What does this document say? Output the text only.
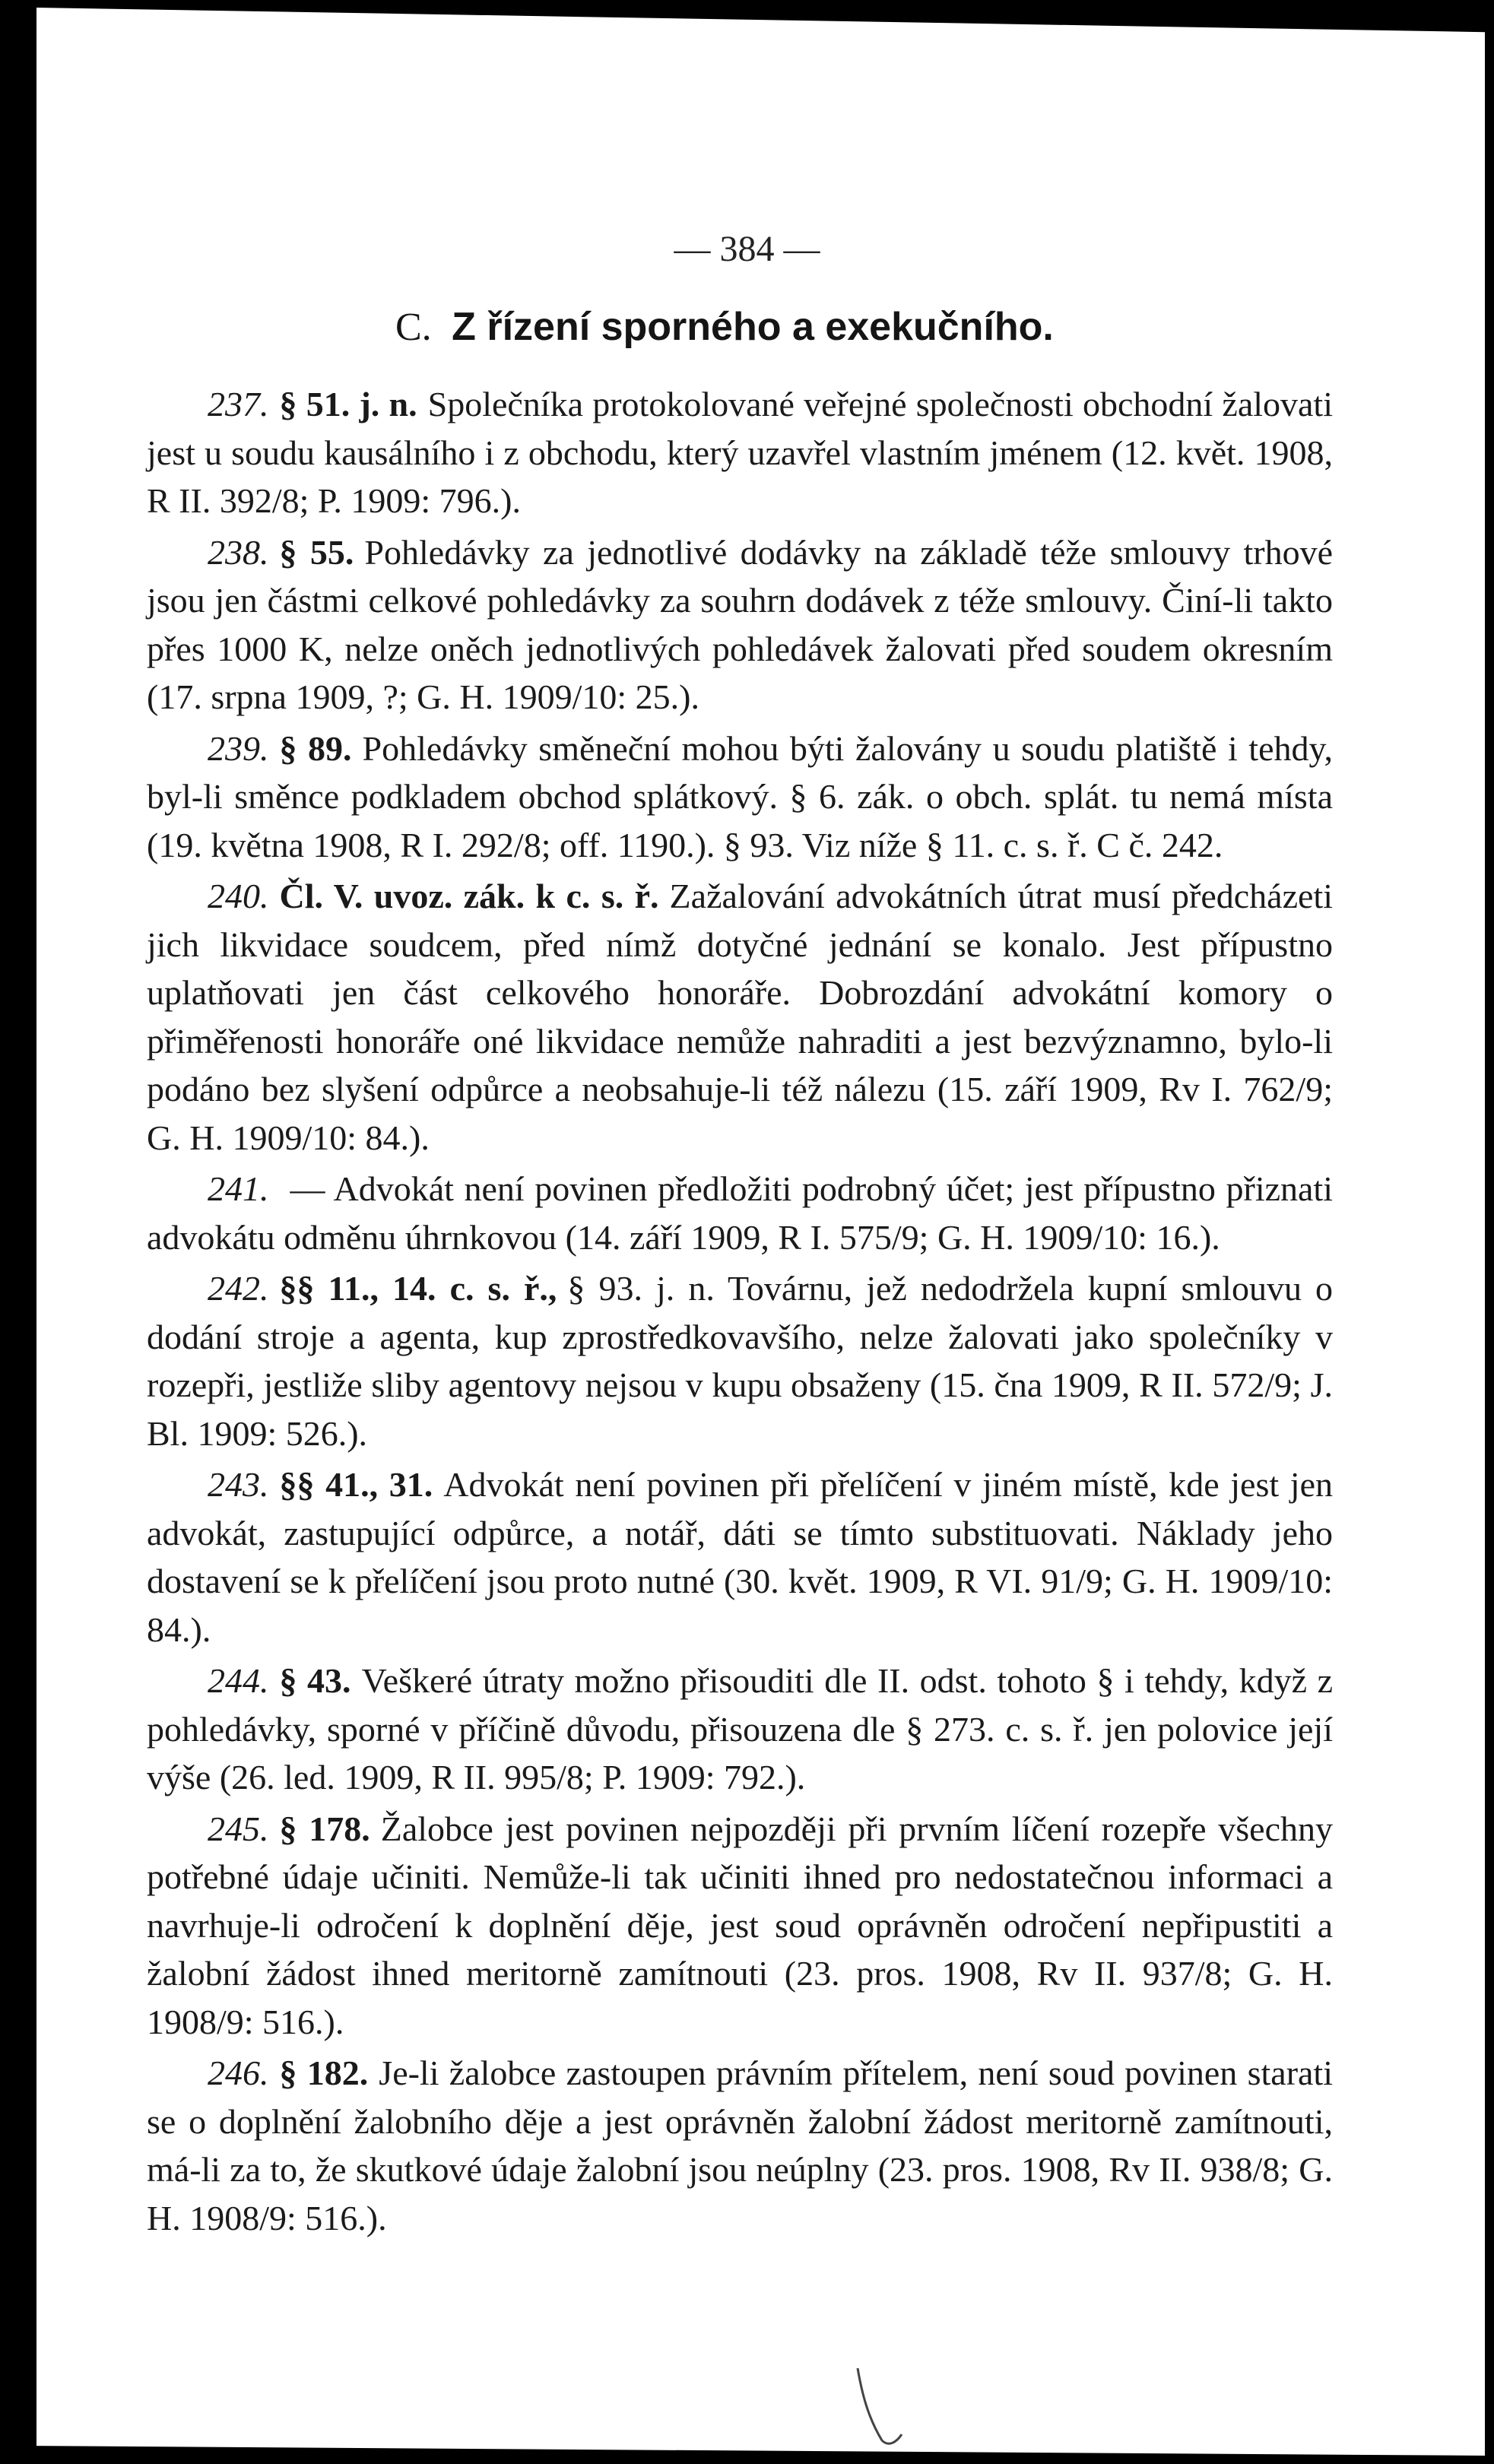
— 384 —
C. Z řízení sporného a exekučního.

237. § 51. j. n. Společníka protokolované veřejné společnosti obchodní žalovati jest u soudu kausálního i z obchodu, který uzavřel vlastním jménem (12. květ. 1908, R II. 392/8; P. 1909: 796.).

238. § 55. Pohledávky za jednotlivé dodávky na základě téže smlouvy trhové jsou jen částmi celkové pohledávky za souhrn dodávek z téže smlouvy. Činí-li takto přes 1000 K, nelze oněch jednotlivých pohledávek žalovati před soudem okresním (17. srpna 1909, ?; G. H. 1909/10: 25.).

239. § 89. Pohledávky směneční mohou býti žalovány u soudu platiště i tehdy, byl-li směnce podkladem obchod splátkový. § 6. zák. o obch. splát. tu nemá místa (19. května 1908, R I. 292/8; off. 1190.). § 93. Viz níže § 11. c. s. ř. C č. 242.

240. Čl. V. uvoz. zák. k c. s. ř. Zažalování advokátních útrat musí předcházeti jich likvidace soudcem, před nímž dotyčné jednání se konalo. Jest přípustno uplatňovati jen část celkového honoráře. Dobrozdání advokátní komory o přiměřenosti honoráře oné likvidace nemůže nahraditi a jest bezvýznamno, bylo-li podáno bez slyšení odpůrce a neobsahuje-li též nálezu (15. září 1909, Rv I. 762/9; G. H. 1909/10: 84.).

241. — Advokát není povinen předložiti podrobný účet; jest přípustno přiznati advokátu odměnu úhrnkovou (14. září 1909, R I. 575/9; G. H. 1909/10: 16.).

242. §§ 11., 14. c. s. ř., § 93. j. n. Továrnu, jež nedodržela kupní smlouvu o dodání stroje a agenta, kup zprostředkovavšího, nelze žalovati jako společníky v rozepři, jestliže sliby agentovy nejsou v kupu obsaženy (15. čna 1909, R II. 572/9; J. Bl. 1909: 526.).

243. §§ 41., 31. Advokát není povinen při přelíčení v jiném místě, kde jest jen advokát, zastupující odpůrce, a notář, dáti se tímto substituovati. Náklady jeho dostavení se k přelíčení jsou proto nutné (30. květ. 1909, R VI. 91/9; G. H. 1909/10: 84.).

244. § 43. Veškeré útraty možno přisouditi dle II. odst. tohoto § i tehdy, když z pohledávky, sporné v příčině důvodu, přisouzena dle § 273. c. s. ř. jen polovice její výše (26. led. 1909, R II. 995/8; P. 1909: 792.).

245. § 178. Žalobce jest povinen nejpozději při prvním líčení rozepře všechny potřebné údaje učiniti. Nemůže-li tak učiniti ihned pro nedostatečnou informaci a navrhuje-li odročení k doplnění děje, jest soud oprávněn odročení nepřipustiti a žalobní žádost ihned meritorně zamítnouti (23. pros. 1908, Rv II. 937/8; G. H. 1908/9: 516.).

246. § 182. Je-li žalobce zastoupen právním přítelem, není soud povinen starati se o doplnění žalobního děje a jest oprávněn žalobní žádost meritorně zamítnouti, má-li za to, že skutkové údaje žalobní jsou neúplny (23. pros. 1908, Rv II. 938/8; G. H. 1908/9: 516.).
